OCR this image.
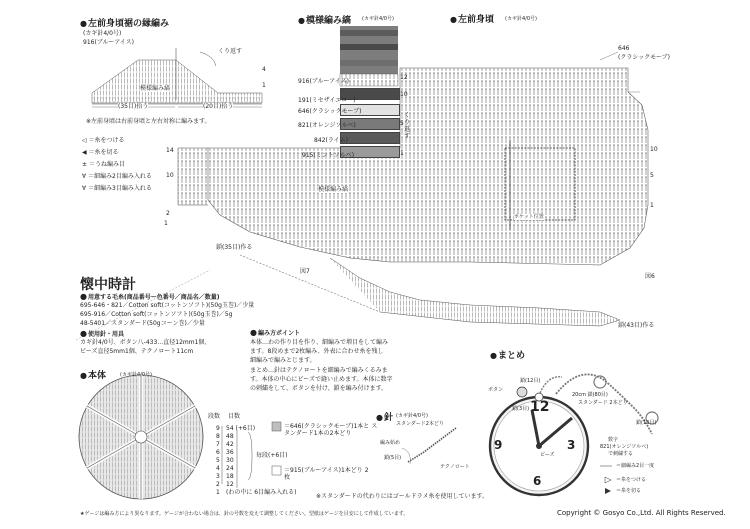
● 左前身頃裾の縁編み
(カギ針4/0号)
916(ブルーアイス)
くり返す
模様編み縞
(35目)拾う	(20目)拾う
※左前身頃は右前身頃と左右対称に編みます。
4
1
◁ ＝糸をつける
◀ ＝糸を切る
± ＝うね編み目
∀ ＝細編み2目編み入れる
∀ ＝細編み3目編み入れる
● 模様編み縞 (カギ針4/0号)
くり返す
916(ブルーアイス)
12
191(ミセザイエロー)
10
646(クラシックモーブ)
821(オレンジソルベ)	5
842(ライム)
915(ミントソルベ)	1
● 左前身頃 (カギ針4/0号)
646
(クラシックモーブ)
模様編み縞
ポケット位置
鎖(35目)作る
鎖(43目)作る
図7
図6
10
5
1
14
10
2
1
懐中時計
● 用意する毛糸(商品番号ー色番号／商品名／数量)
695-646・821／Cotton soft(コットンソフト)(50g玉巻)／少量
695-916／Cotton soft(コットンソフト)(50g玉巻)／5g
48-5401／スタンダード(50gコーン巻)／少量
● 使用針・用具
カギ針4/0号、ボタン八-433…直径12mm1個、
ビーズ直径5mm1個、テクノロート11cm
● 編み方ポイント
本体…わの作り目を作り、細編みで増目をして編み
ます。8段めまで2枚編み、外表に合わせ糸を残し
細編みで編みとじます。
まとめ…針はテクノロートを細編みで編みくるみま
す。本体の中心にビーズで縫い止めます。本体に数字
の刺繍をして、ボタンを付け、鎖を編み付けます。
● 本体	(カギ針4/0号)
段数 目数
9 54 (+6目)
8 48
7 42
6 36
5 30
4 24
3 18
2 12
1 (わの中に 6目編み入れる)
毎段(+6目)
＝646(クラシックモーブ)1本と スタンダード1本の2本どり
＝915(ブルーアイス)1本どり 2枚
※スタンダードの代わりにはゴールドラメ糸を使用しています。
● 針 (カギ針4/0号)
スタンダード2本どり
編み始め
鎖(5目)
テクノロート
● まとめ
鎖(12目)
ボタン
鎖(3目)
20cm 鎖(80目)
スタンダード 2本どり
鎖(13目)
数字
821(オレンジソルベ)
で刺繍する
＝細編み2目一度
＝糸をつける
＝糸を切る
12
3
6
9
ビーズ
★ゲージは編み方により異なります。ゲージが合わない場合は、針の号数を変えて調整してください。型紙はゲージを目安にして作成しています。	Copyright © Gosyo Co.,Ltd. All Rights Reserved.
